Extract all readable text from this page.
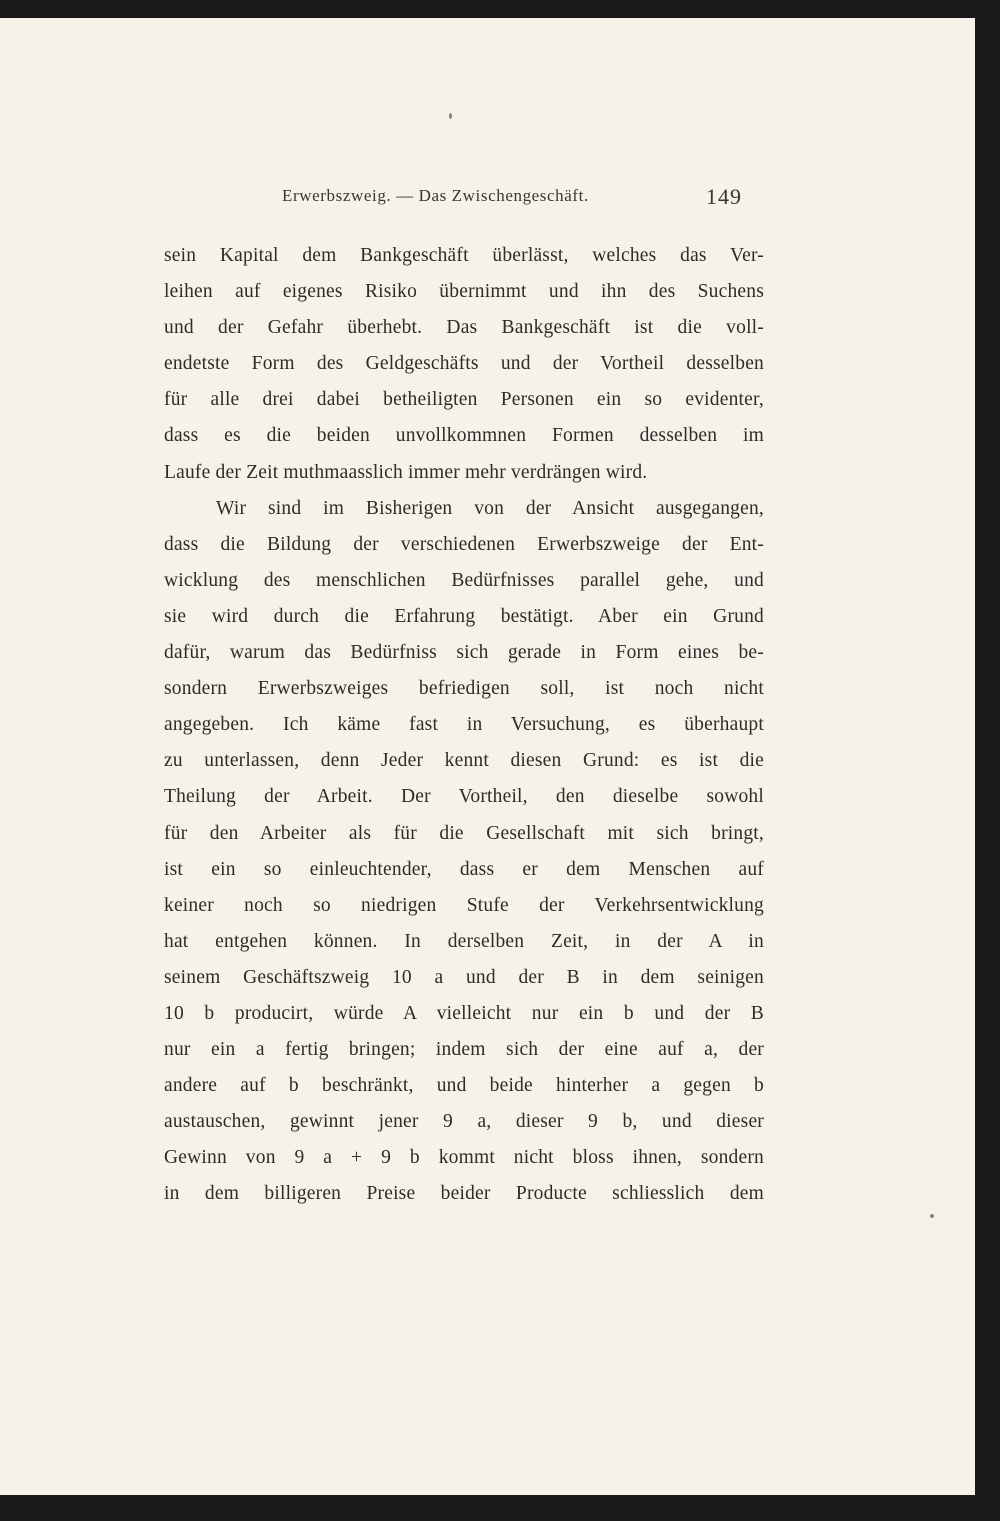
Erwerbszweig. — Das Zwischengeschäft.	149
sein Kapital dem Bankgeschäft überlässt, welches das Ver-
leihen auf eigenes Risiko übernimmt und ihn des Suchens
und der Gefahr überhebt. Das Bankgeschäft ist die voll-
endetste Form des Geldgeschäfts und der Vortheil desselben
für alle drei dabei betheiligten Personen ein so evidenter,
dass es die beiden unvollkommnen Formen desselben im
Laufe der Zeit muthmaasslich immer mehr verdrängen wird.
Wir sind im Bisherigen von der Ansicht ausgegangen,
dass die Bildung der verschiedenen Erwerbszweige der Ent-
wicklung des menschlichen Bedürfnisses parallel gehe, und
sie wird durch die Erfahrung bestätigt. Aber ein Grund
dafür, warum das Bedürfniss sich gerade in Form eines be-
sondern Erwerbszweiges befriedigen soll, ist noch nicht
angegeben. Ich käme fast in Versuchung, es überhaupt
zu unterlassen, denn Jeder kennt diesen Grund: es ist die
Theilung der Arbeit. Der Vortheil, den dieselbe sowohl
für den Arbeiter als für die Gesellschaft mit sich bringt,
ist ein so einleuchtender, dass er dem Menschen auf
keiner noch so niedrigen Stufe der Verkehrsentwicklung
hat entgehen können. In derselben Zeit, in der A in
seinem Geschäftszweig 10 a und der B in dem seinigen
10 b producirt, würde A vielleicht nur ein b und der B
nur ein a fertig bringen; indem sich der eine auf a, der
andere auf b beschränkt, und beide hinterher a gegen b
austauschen, gewinnt jener 9 a, dieser 9 b, und dieser
Gewinn von 9 a + 9 b kommt nicht bloss ihnen, sondern
in dem billigeren Preise beider Producte schliesslich dem
